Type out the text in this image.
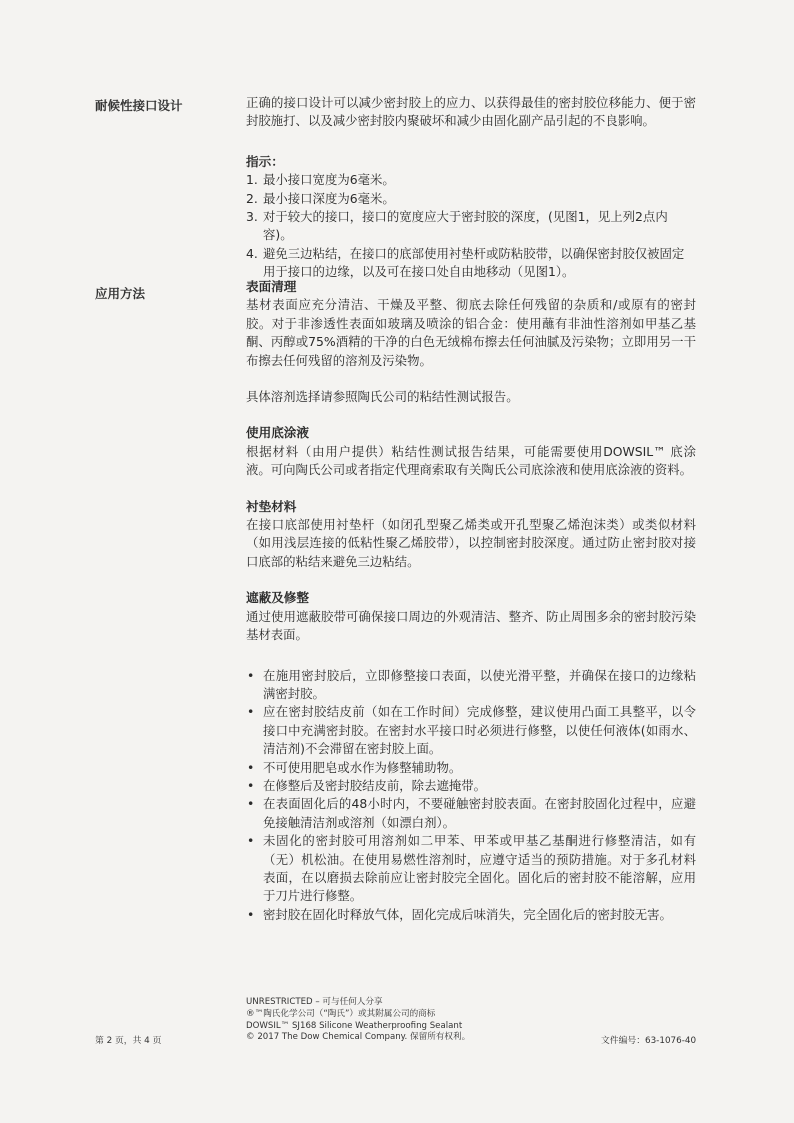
耐候性接口设计	正确的接口设计可以减少密封胶上的应力、以获得最佳的密封胶位移能力、便于密封胶施打、以及减少密封胶内聚破坏和减少由固化副产品引起的不良影响。

指示：

1. 最小接口宽度为6毫米。
2. 最小接口深度为6毫米。
3. 对于较大的接口，接口的宽度应大于密封胶的深度，(见图1，见上列2点内容)。
4. 避免三边粘结，在接口的底部使用衬垫杆或防粘胶带，以确保密封胶仅被固定用于接口的边缘，以及可在接口处自由地移动（见图1）。
应用方法	表面清理

基材表面应充分清洁、干燥及平整、彻底去除任何残留的杂质和/或原有的密封胶。对于非渗透性表面如玻璃及喷涂的铝合金：使用蘸有非油性溶剂如甲基乙基酮、丙醇或75%酒精的干净的白色无绒棉布擦去任何油腻及污染物；立即用另一干布擦去任何残留的溶剂及污染物。

具体溶剂选择请参照陶氏公司的粘结性测试报告。

使用底涂液

根据材料（由用户提供）粘结性测试报告结果，可能需要使用DOWSIL™ 底涂液。可向陶氏公司或者指定代理商索取有关陶氏公司底涂液和使用底涂液的资料。

衬垫材料

在接口底部使用衬垫杆（如闭孔型聚乙烯类或开孔型聚乙烯泡沫类）或类似材料（如用浅层连接的低粘性聚乙烯胶带），以控制密封胶深度。通过防止密封胶对接口底部的粘结来避免三边粘结。

遮蔽及修整

通过使用遮蔽胶带可确保接口周边的外观清洁、整齐、防止周围多余的密封胶污染基材表面。

• 在施用密封胶后，立即修整接口表面，以使光滑平整，并确保在接口的边缘粘满密封胶。
• 应在密封胶结皮前（如在工作时间）完成修整，建议使用凸面工具整平，以令接口中充满密封胶。在密封水平接口时必须进行修整，以使任何液体(如雨水、清洁剂)不会滞留在密封胶上面。
• 不可使用肥皂或水作为修整辅助物。
• 在修整后及密封胶结皮前，除去遮掩带。
• 在表面固化后的48小时内，不要碰触密封胶表面。在密封胶固化过程中，应避免接触清洁剂或溶剂（如漂白剂）。
• 未固化的密封胶可用溶剂如二甲苯、甲苯或甲基乙基酮进行修整清洁，如有（无）机松油。在使用易燃性溶剂时，应遵守适当的预防措施。对于多孔材料表面，在以磨损去除前应让密封胶完全固化。固化后的密封胶不能溶解，应用于刀片进行修整。
• 密封胶在固化时释放气体，固化完成后味消失，完全固化后的密封胶无害。
UNRESTRICTED – 可与任何人分享
®™陶氏化学公司（“陶氏”）或其附属公司的商标
DOWSIL™ SJ168 Silicone Weatherproofing Sealant
© 2017 The Dow Chemical Company. 保留所有权利。
第 2 页，共 4 页	文件编号：63-1076-40
